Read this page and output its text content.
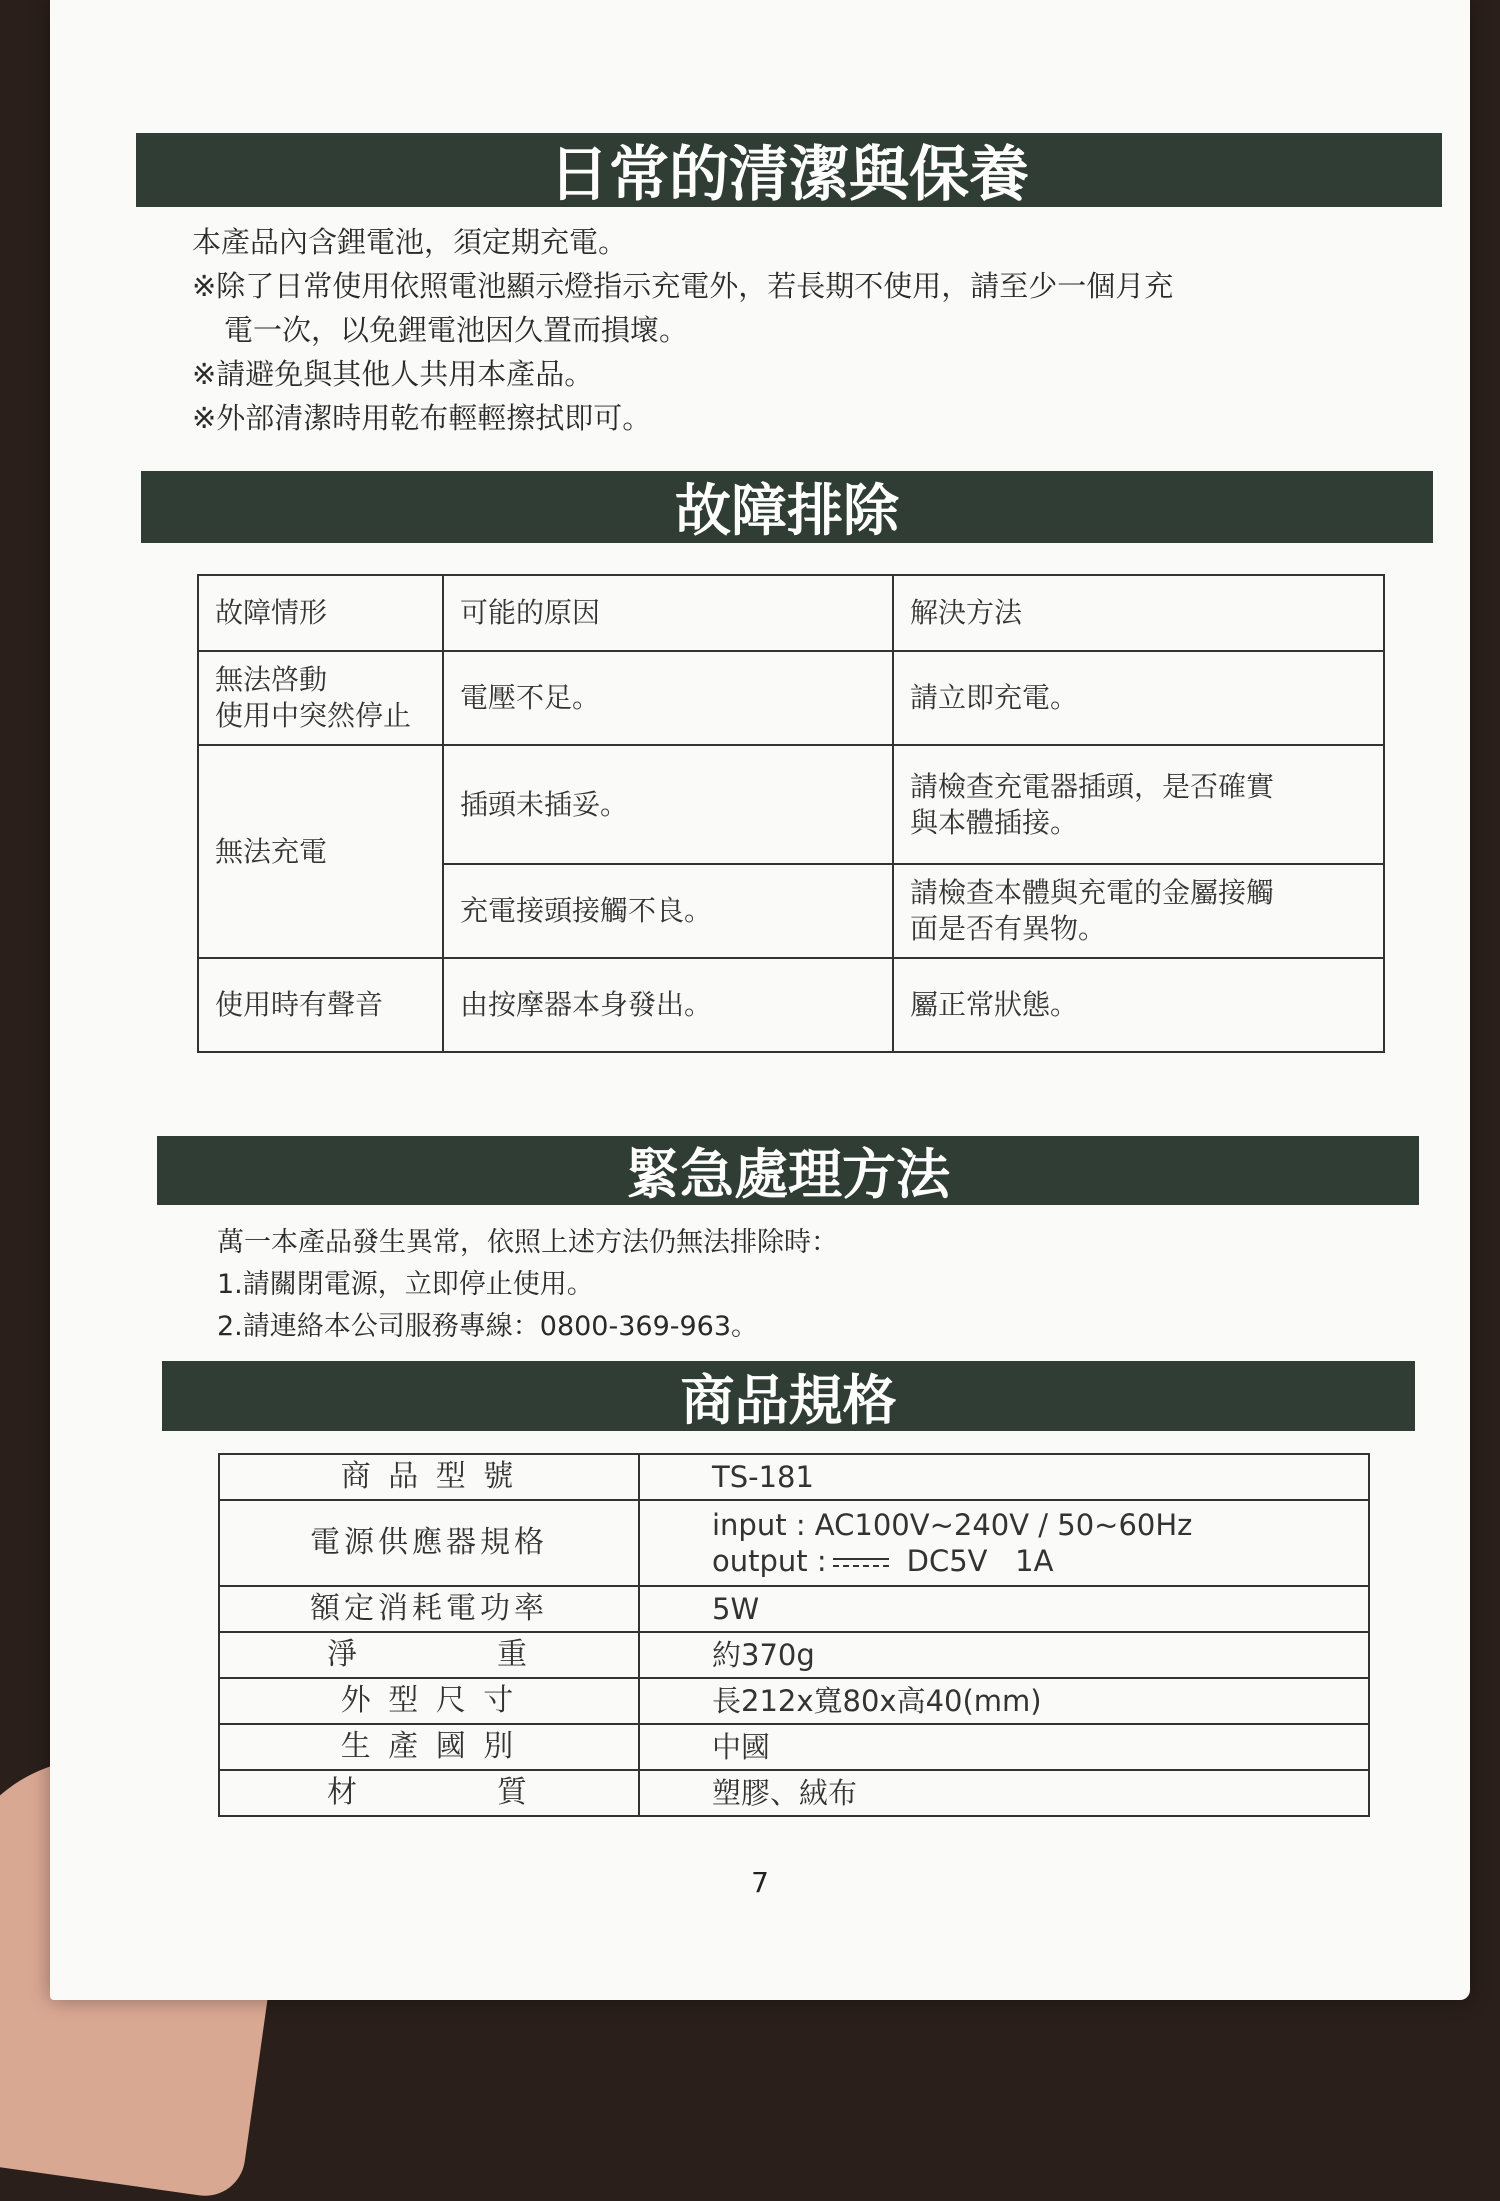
日常的清潔與保養
本產品內含鋰電池，須定期充電。
※除了日常使用依照電池顯示燈指示充電外，若長期不使用，請至少一個月充
電一次，以免鋰電池因久置而損壞。
※請避免與其他人共用本產品。
※外部清潔時用乾布輕輕擦拭即可。
故障排除
故障情形	可能的原因	解決方法

無法啓動
使用中突然停止	電壓不足。	請立即充電。
無法充電	插頭未插妥。	請檢查充電器插頭，是否確實
與本體插接。

	充電接頭接觸不良。	請檢查本體與充電的金屬接觸
面是否有異物。

使用時有聲音	由按摩器本身發出。	屬正常狀態。
緊急處理方法
萬一本產品發生異常，依照上述方法仍無法排除時：
1.請關閉電源，立即停止使用。
2.請連絡本公司服務專線：0800-369-963。
商品規格
商 品 型 號	TS-181
電源供應器規格	input : AC100V~240V / 50~60Hz
output : DC5V   1A

額定消耗電功率	5W
淨　　　　重	約370g
外 型 尺 寸	長212x寬80x高40(mm)
生 產 國 別	中國
材　　　　質	塑膠、絨布
7
